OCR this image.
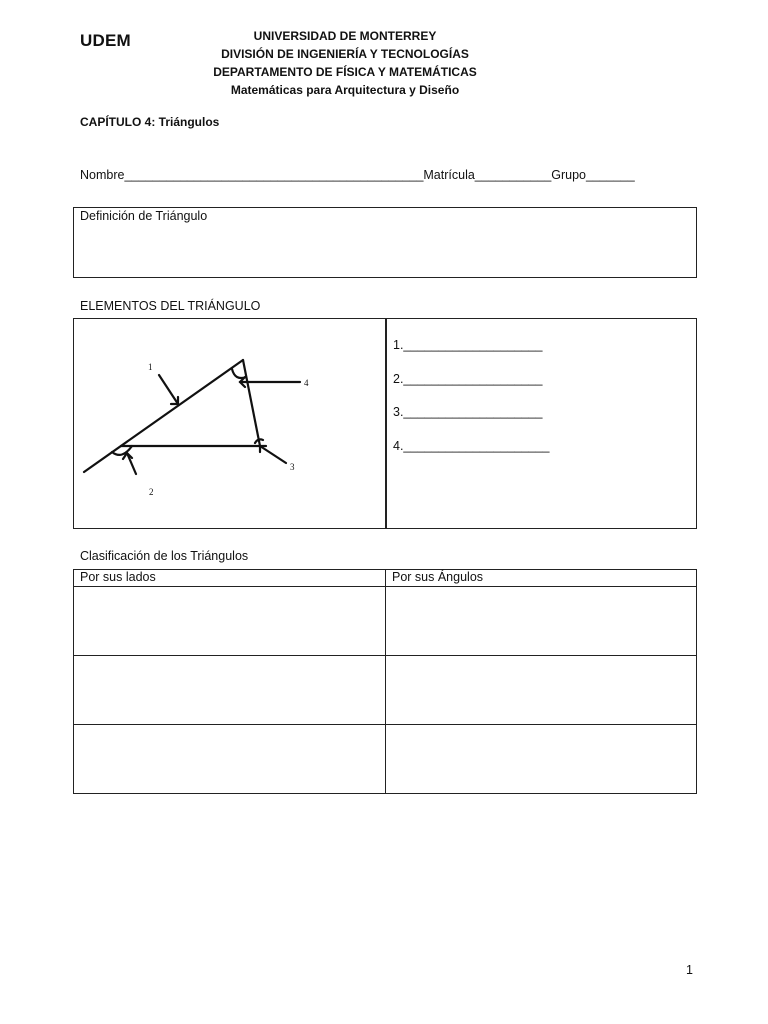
UDEM	UNIVERSIDAD DE MONTERREY
DIVISIÓN DE INGENIERÍA Y TECNOLOGÍAS
DEPARTAMENTO DE FÍSICA Y MATEMÁTICAS
Matemáticas para Arquitectura y Diseño
CAPÍTULO 4: Triángulos
Nombre___________________________________________Matrícula___________Grupo_______
Definición de Triángulo
ELEMENTOS DEL TRIÁNGULO
1
2
3
4
1.____________________
2.____________________
3.____________________
4._____________________
Clasificación de los Triángulos
Por sus lados	Por sus Ángulos

1
